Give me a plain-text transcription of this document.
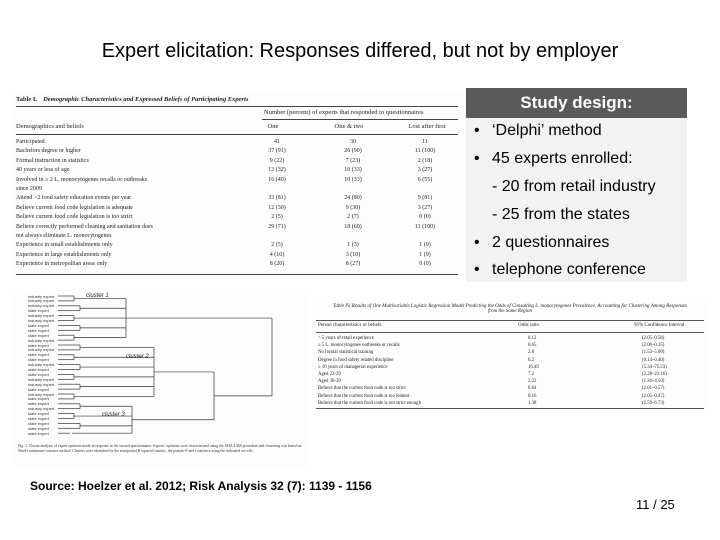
Expert elicitation: Responses differed, but not by employer
Table I. Demographic Characteristics and Expressed Beliefs of Participating Experts
Number (percent) of experts that responded to questionnaires
Demographics and beliefs	One	One & two	Lost after first
Participated	41	30	11
Bachelors degree or higher	37 (91)	26 (90)	11 (100)
Formal instruction in statistics	9 (22)	7 (23)	2 (18)
40 years or less of age	13 (32)	10 (33)	3 (27)
Involved in ≥ 2 L. monocytogenes recalls or outbreaks	16 (40)	10 (33)	6 (55)
since 2009
Attend >2 food safety education events per year	33 (81)	24 (80)	9 (81)
Believe current food code legislation is adequate	12 (30)	9 (30)	3 (27)
Believe current food code legislation is too strict	2 (5)	2 (7)	0 (0)
Believe correctly performed cleaning and sanitation does	29 (71)	18 (60)	11 (100)
not always eliminate L. monocytogenes
Experience in small establishments only	2 (5)	1 (3)	1 (9)
Experience in large establishments only	4 (10)	3 (10)	1 (9)
Experience in metropolitan areas only	8 (20)	8 (27)	0 (0)
Study design:
• ‘Delphi’ method
• 45 experts enrolled:
- 20 from retail industry
- 25 from the states
• 2 questionnaires
• telephone conference
industry expert
industry expert
industry expert
state expert
industry expert
industry expert
state expert
state expert
state expert
industry expert
state expert
industry expert
state expert
state expert
industry expert
state expert
state expert
industry expert
industry expert
state expert
industry expert
state expert
state expert
industry expert
state expert
state expert
state expert
state expert
state expert
cluster 1
cluster 2
cluster 3
Fig. 1. Cluster analysis of expert opinions made in response to the second questionnaire. Experts' opinions were characterized using the AHA-LMS procedure and clustering was based on Ward's minimum-variance method. Clusters were identified by the semipartial R-squared statistic, the pseudo-F and t-statistics using the indicated cut-offs.
Table IV. Results of One Multivariable Logistic Regression Model Predicting the Odds of Consulting L. monocytogenes Prevalence, Accounting for Clustering Among Responses from the Same Region
Person characteristics or beliefs	Odds ratio	95% Confidence Interval
> 5 years of retail experience	0.12	(2.05–0.56)
≥ 5 L. monocytogenes outbreaks or recalls	0.65	(2.00–0.15)
No formal statistical training	2.8	(1.53–5.00)
Degree in food safety related discipline	0.2	(0.14–0.40)
≥ 10 years of managerial experience	16.49	(5.34–75.23)
Aged 23-29	7.2	(2.28–23.16)
Aged 30-39	2.22	(1.26–4.50)
Believe that the current food code is too strict	0.64	(2.01–0.57)
Believe that the current food code is too lenient	0.16	(2.05–0.47)
Believe that the current food code is not strict enough	1.38	(2.59–6.73)
Source: Hoelzer et al. 2012; Risk Analysis 32 (7): 1139 - 1156
11 / 25
